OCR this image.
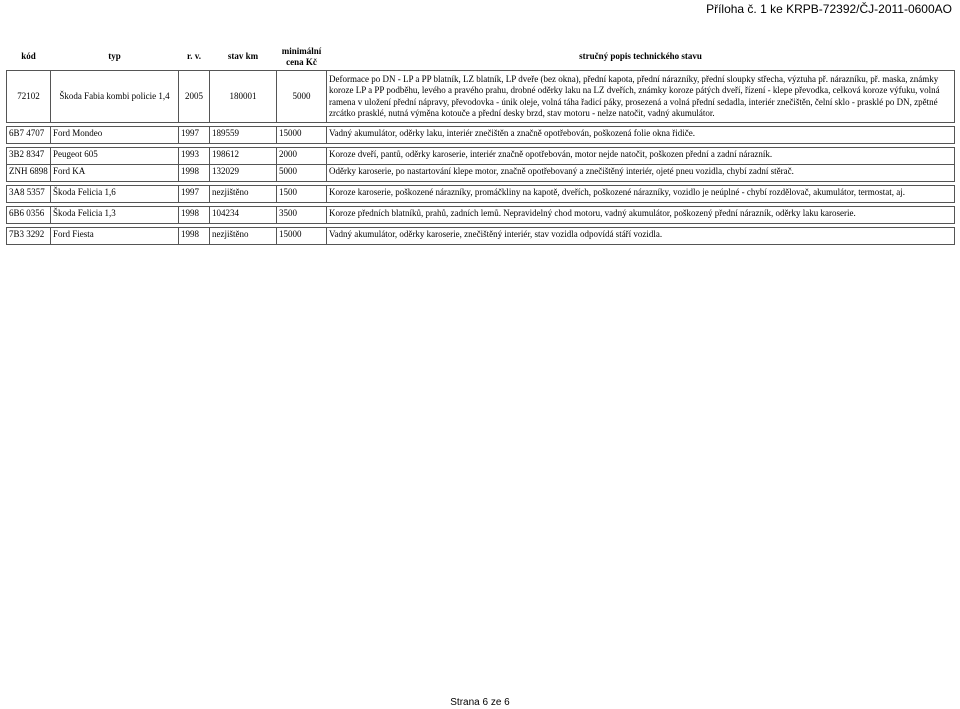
Příloha č. 1 ke KRPB-72392/ČJ-2011-0600AO
kód	typ	r. v.	stav km	minimální cena Kč	stručný popis technického stavu
72102	Škoda Fabia kombi policie 1,4	2005	180001	5000	Deformace po DN - LP a PP blatník, LZ blatník, LP dveře (bez okna), přední kapota, přední nárazníky, přední sloupky střecha, výztuha př. nárazníku, př. maska, známky koroze LP a PP podběhu, levého a pravého prahu, drobné oděrky laku na LZ dveřích, známky koroze pátých dveří, řízení - klepe převodka, celková koroze výfuku, volná ramena v uložení přední nápravy, převodovka - únik oleje, volná táha řadicí páky, prosezená a volná přední sedadla, interiér znečištěn, čelní sklo - prasklé po DN, zpětné zrcátko prasklé, nutná výměna kotouče a přední desky brzd, stav motoru - nelze natočit, vadný akumulátor.

6B7 4707	Ford Mondeo	1997	189559	15000	Vadný akumulátor, oděrky laku, interiér znečištěn a značně opotřebován, poškozená folie okna řidiče.

3B2 8347	Peugeot 605	1993	198612	2000	Koroze dveří, pantů, oděrky karoserie, interiér značně opotřebován, motor nejde natočit, poškozen přední a zadní nárazník.
ZNH 6898	Ford KA	1998	132029	5000	Oděrky karoserie, po nastartování klepe motor, značně opotřebovaný a znečištěný interiér, ojeté pneu vozidla, chybí zadní stěrač.

3A8 5357	Škoda Felicia 1,6	1997	nezjištěno	1500	Koroze karoserie, poškozené nárazníky, promáčkliny na kapotě, dveřích, poškozené nárazníky, vozidlo je neúplné - chybí rozdělovač, akumulátor, termostat, aj.

6B6 0356	Škoda Felicia 1,3	1998	104234	3500	Koroze předních blatníků, prahů, zadních lemů. Nepravidelný chod motoru, vadný akumulátor, poškozený přední nárazník, oděrky laku karoserie.

7B3 3292	Ford Fiesta	1998	nezjištěno	15000	Vadný akumulátor, oděrky karoserie, znečištěný interiér, stav vozidla odpovídá stáří vozidla.
Strana 6 ze 6
